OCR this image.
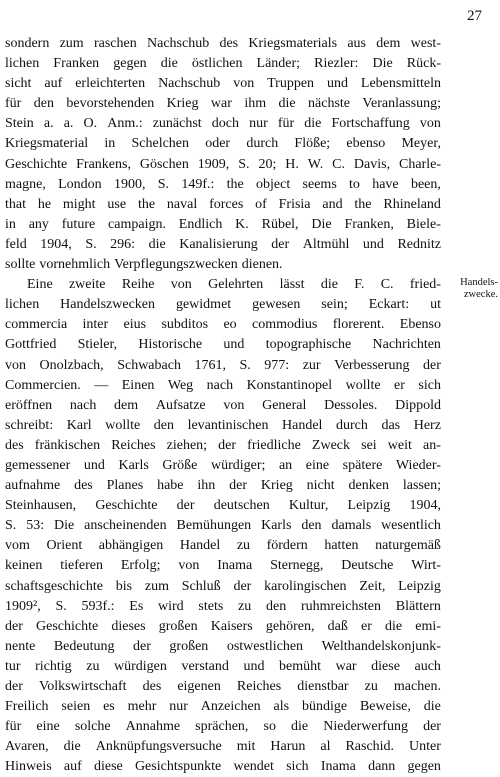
27
sondern zum raschen Nachschub des Kriegsmaterials aus dem west-
lichen Franken gegen die östlichen Länder; Riezler: Die Rück-
sicht auf erleichterten Nachschub von Truppen und Lebensmitteln
für den bevorstehenden Krieg war ihm die nächste Veranlassung;
Stein a. a. O. Anm.: zunächst doch nur für die Fortschaffung von
Kriegsmaterial in Schelchen oder durch Flöße; ebenso Meyer,
Geschichte Frankens, Göschen 1909, S. 20; H. W. C. Davis, Charle-
magne, London 1900, S. 149f.: the object seems to have been,
that he might use the naval forces of Frisia and the Rhineland
in any future campaign. Endlich K. Rübel, Die Franken, Biele-
feld 1904, S. 296: die Kanalisierung der Altmühl und Rednitz
sollte vornehmlich Verpflegungszwecken dienen.
Eine zweite Reihe von Gelehrten lässt die F. C. fried-
lichen Handelszwecken gewidmet gewesen sein; Eckart: ut
commercia inter eius subditos eo commodius florerent. Ebenso
Gottfried Stieler, Historische und topographische Nachrichten
von Onolzbach, Schwabach 1761, S. 977: zur Verbesserung der
Commercien. — Einen Weg nach Konstantinopel wollte er sich
eröffnen nach dem Aufsatze von General Dessoles. Dippold
schreibt: Karl wollte den levantinischen Handel durch das Herz
des fränkischen Reiches ziehen; der friedliche Zweck sei weit an-
gemessener und Karls Größe würdiger; an eine spätere Wieder-
aufnahme des Planes habe ihn der Krieg nicht denken lassen;
Steinhausen, Geschichte der deutschen Kultur, Leipzig 1904,
S. 53: Die anscheinenden Bemühungen Karls den damals wesentlich
vom Orient abhängigen Handel zu fördern hatten naturgemäß
keinen tieferen Erfolg; von Inama Sternegg, Deutsche Wirt-
schaftsgeschichte bis zum Schluß der karolingischen Zeit, Leipzig
1909², S. 593f.: Es wird stets zu den ruhmreichsten Blättern
der Geschichte dieses großen Kaisers gehören, daß er die emi-
nente Bedeutung der großen ostwestlichen Welthandelskonjunk-
tur richtig zu würdigen verstand und bemüht war diese auch
der Volkswirtschaft des eigenen Reiches dienstbar zu machen.
Freilich seien es mehr nur Anzeichen als bündige Beweise, die
für eine solche Annahme sprächen, so die Niederwerfung der
Avaren, die Anknüpfungsversuche mit Harun al Raschid. Unter
Hinweis auf diese Gesichtspunkte wendet sich Inama dann gegen
Handels-
zwecke.
